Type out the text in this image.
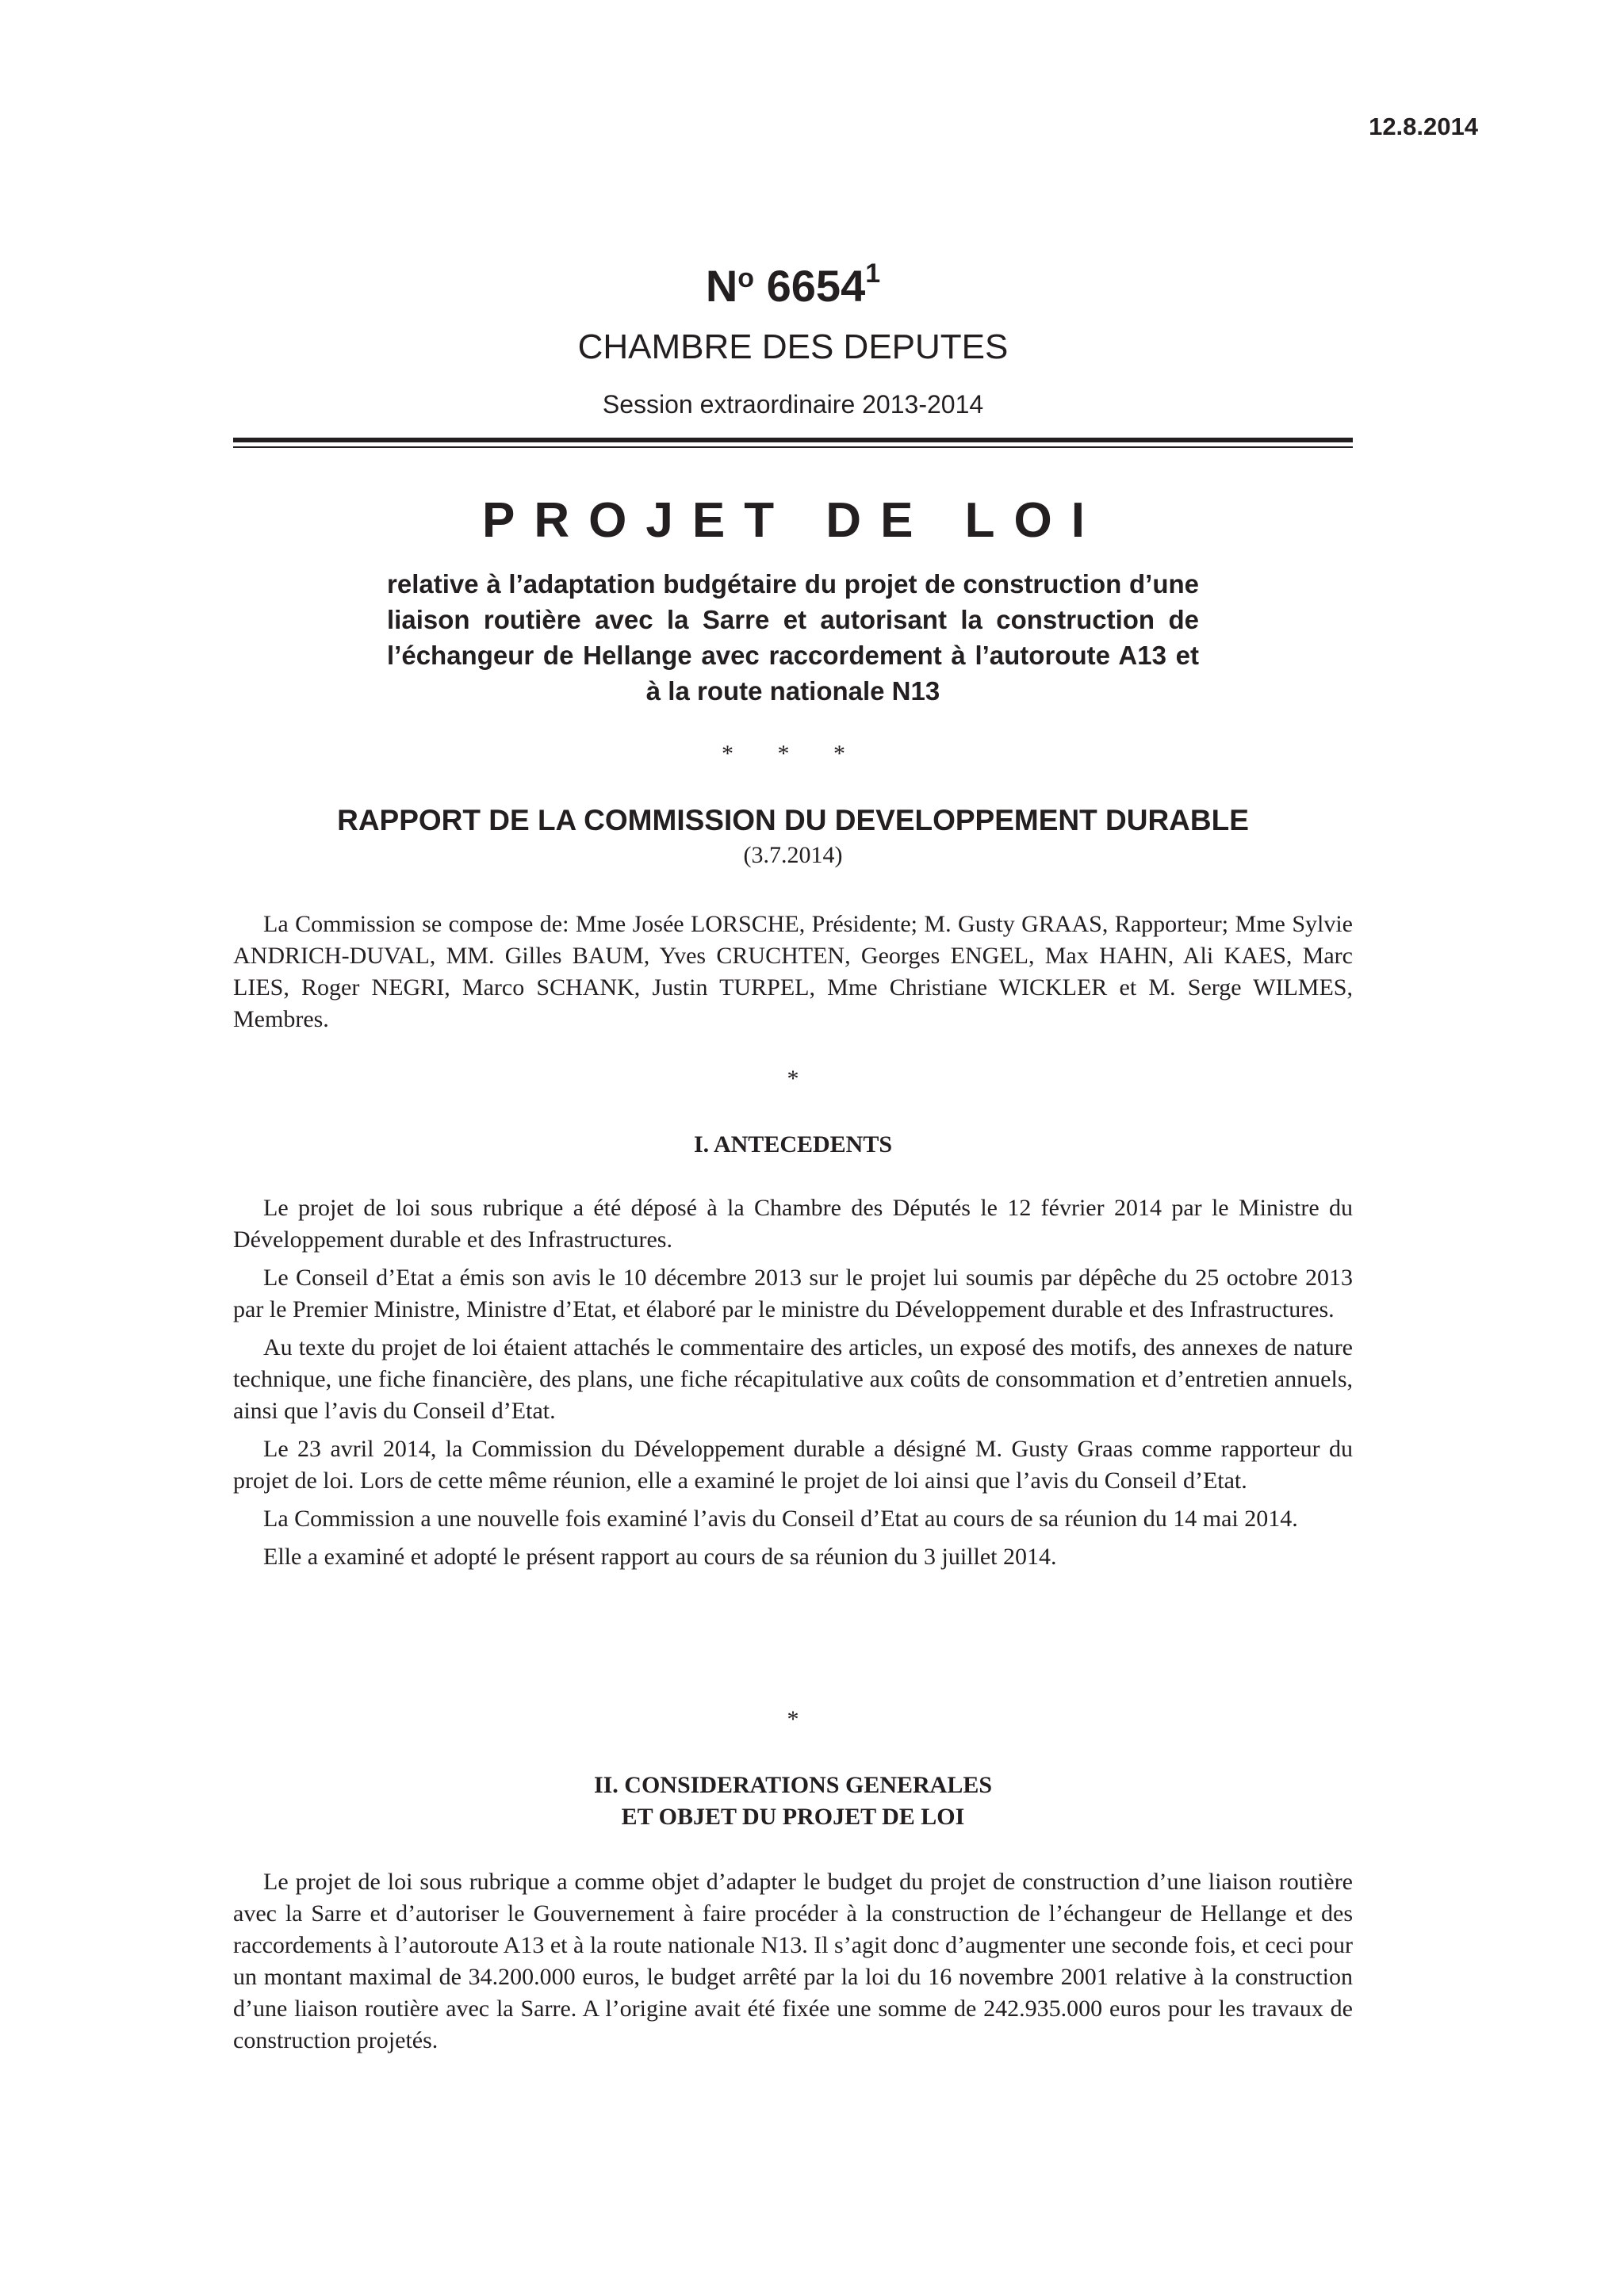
12.8.2014
$N^o$ 6654$^1$
CHAMBRE DES DEPUTES
Session extraordinaire 2013-2014
PROJET DE LOI
relative à l’adaptation budgétaire du projet de construction d’une liaison routière avec la Sarre et autorisant la construction de l’échangeur de Hellange avec raccordement à l’autoroute A13 et à la route nationale N13
* * *
RAPPORT DE LA COMMISSION DU DEVELOPPEMENT DURABLE
(3.7.2014)

La Commission se compose de: Mme Josée LORSCHE, Présidente; M. Gusty GRAAS, Rapporteur; Mme Sylvie ANDRICH-DUVAL, MM. Gilles BAUM, Yves CRUCHTEN, Georges ENGEL, Max HAHN, Ali KAES, Marc LIES, Roger NEGRI, Marco SCHANK, Justin TURPEL, Mme Christiane WICKLER et M. Serge WILMES, Membres.

*
I. ANTECEDENTS

Le projet de loi sous rubrique a été déposé à la Chambre des Députés le 12 février 2014 par le Ministre du Développement durable et des Infrastructures.

Le Conseil d’Etat a émis son avis le 10 décembre 2013 sur le projet lui soumis par dépêche du 25 octobre 2013 par le Premier Ministre, Ministre d’Etat, et élaboré par le ministre du Développement durable et des Infrastructures.

Au texte du projet de loi étaient attachés le commentaire des articles, un exposé des motifs, des annexes de nature technique, une fiche financière, des plans, une fiche récapitulative aux coûts de consommation et d’entretien annuels, ainsi que l’avis du Conseil d’Etat.

Le 23 avril 2014, la Commission du Développement durable a désigné M. Gusty Graas comme rapporteur du projet de loi. Lors de cette même réunion, elle a examiné le projet de loi ainsi que l’avis du Conseil d’Etat.

La Commission a une nouvelle fois examiné l’avis du Conseil d’Etat au cours de sa réunion du 14 mai 2014.

Elle a examiné et adopté le présent rapport au cours de sa réunion du 3 juillet 2014.

*
II. CONSIDERATIONS GENERALES
ET OBJET DU PROJET DE LOI

Le projet de loi sous rubrique a comme objet d’adapter le budget du projet de construction d’une liaison routière avec la Sarre et d’autoriser le Gouvernement à faire procéder à la construction de l’échangeur de Hellange et des raccordements à l’autoroute A13 et à la route nationale N13. Il s’agit donc d’augmenter une seconde fois, et ceci pour un montant maximal de 34.200.000 euros, le budget arrêté par la loi du 16 novembre 2001 relative à la construction d’une liaison routière avec la Sarre. A l’origine avait été fixée une somme de 242.935.000 euros pour les travaux de construction projetés.
